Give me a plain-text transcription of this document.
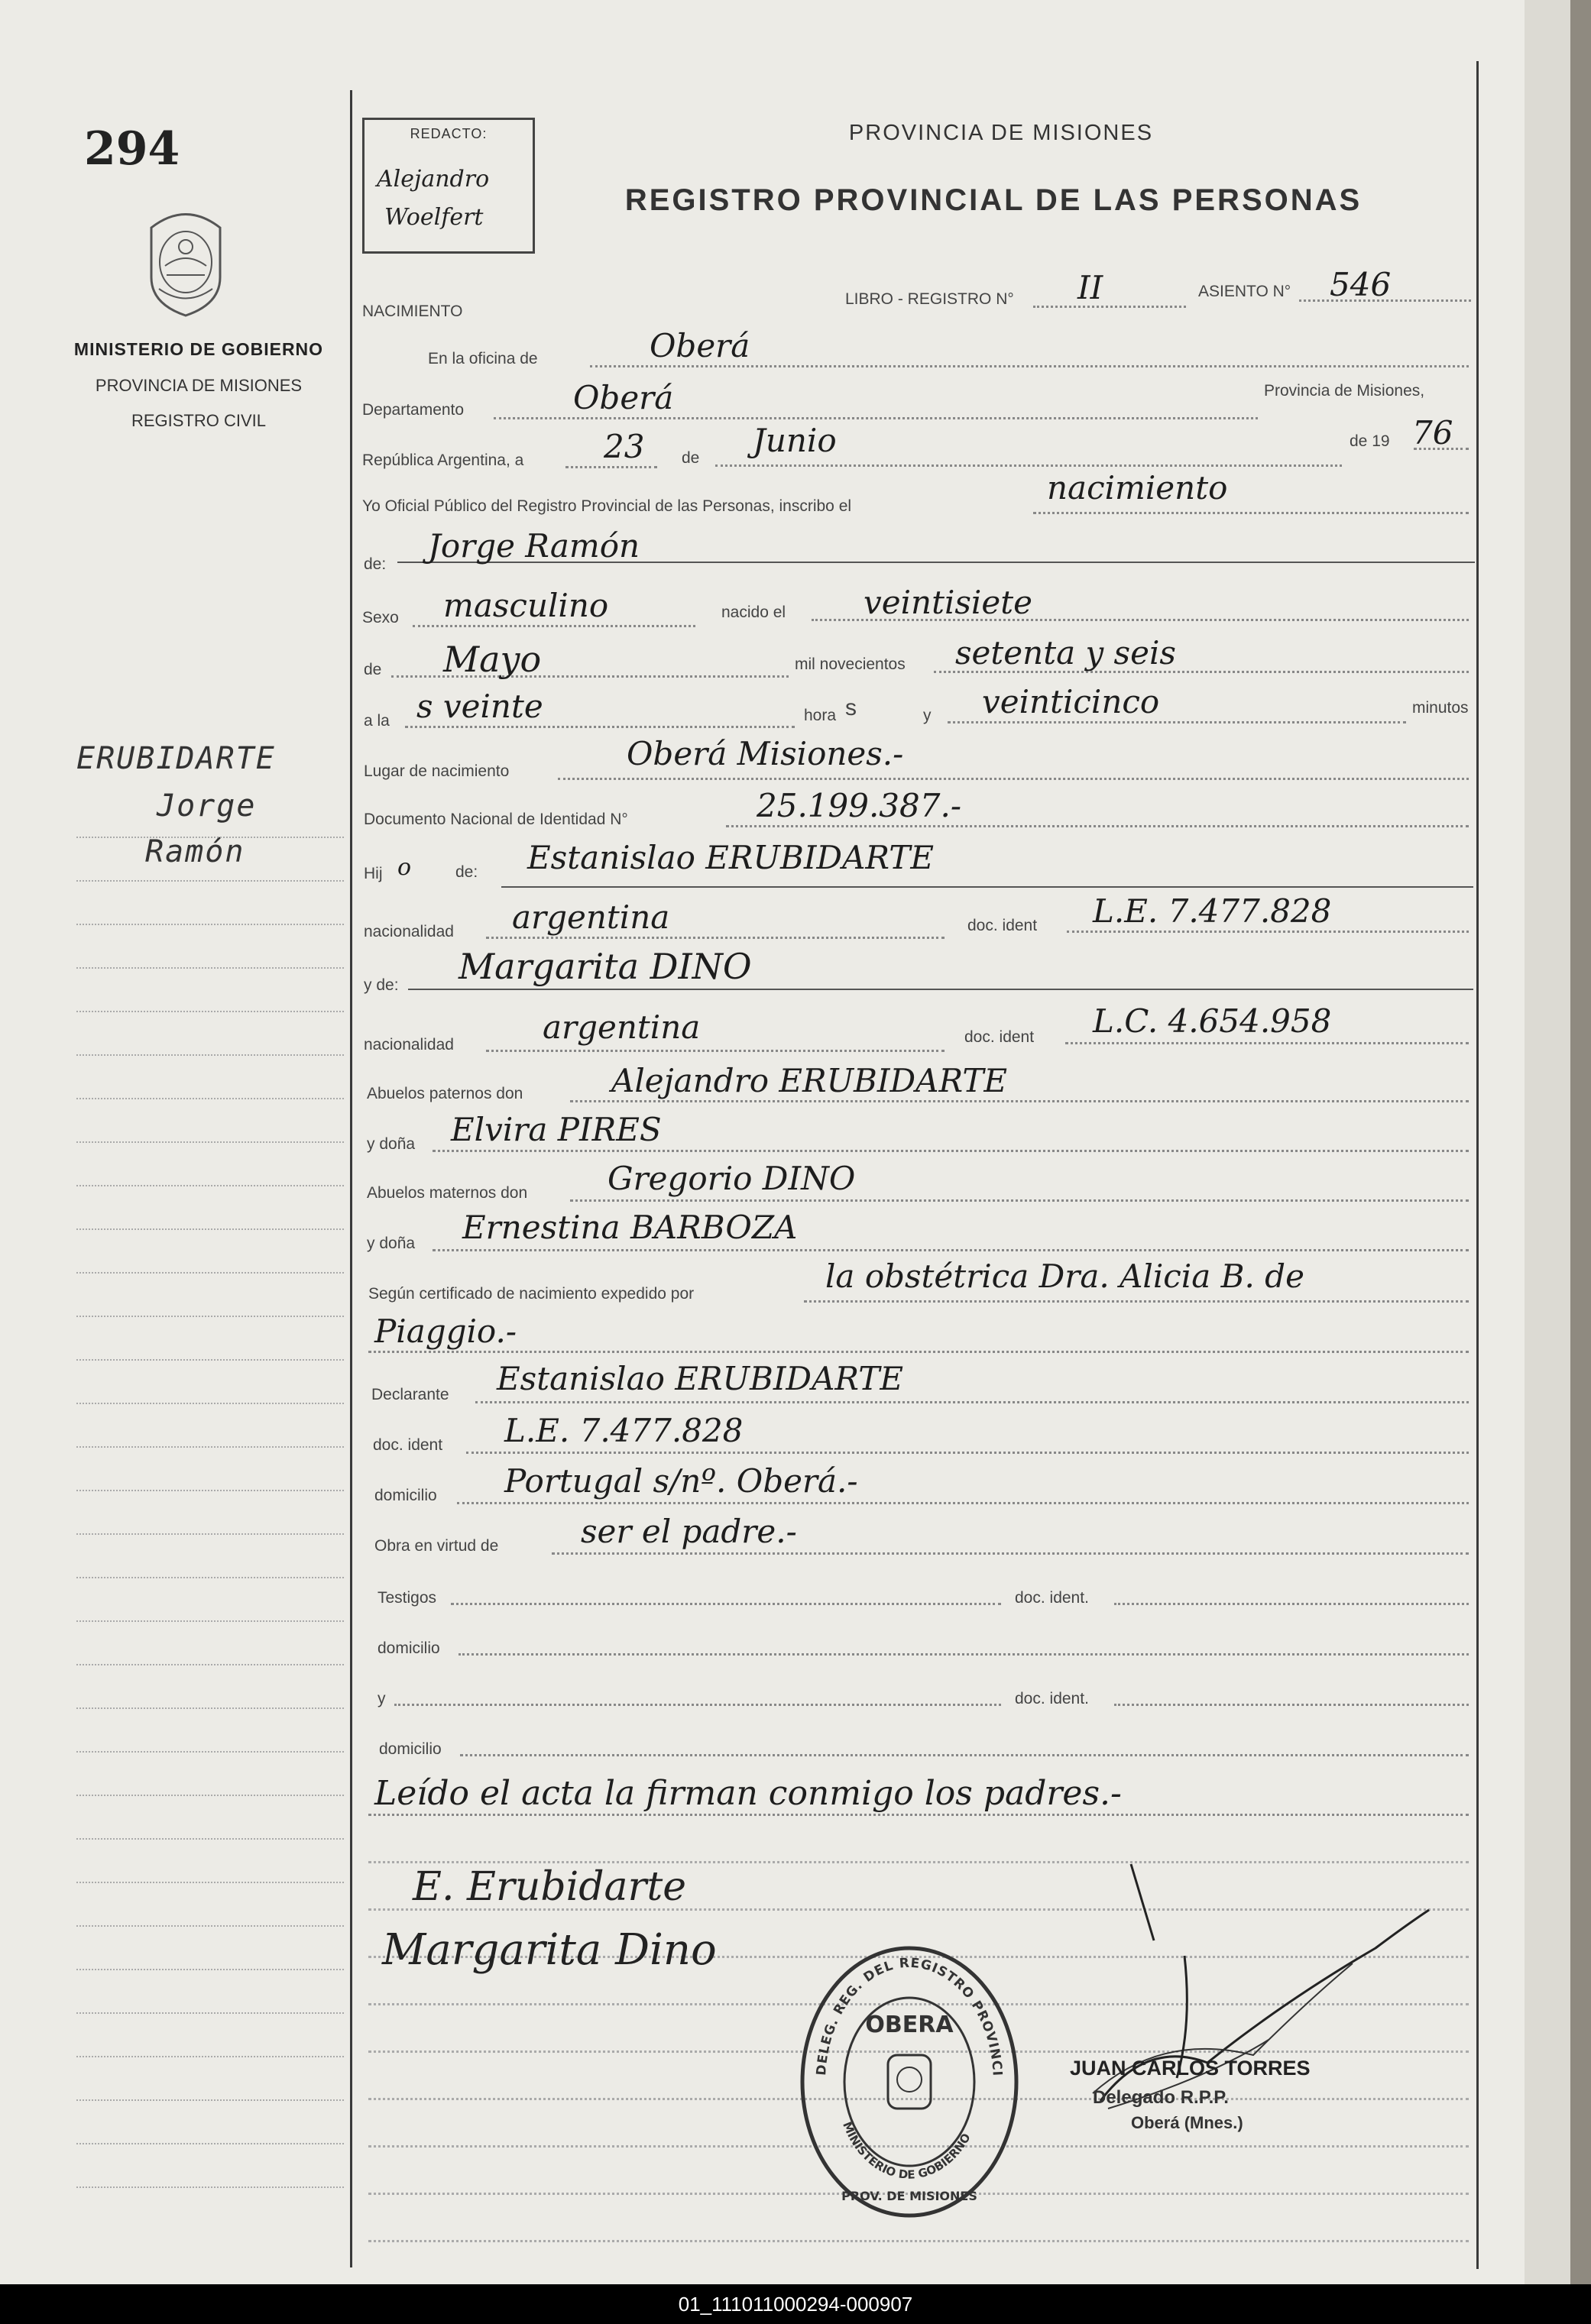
294
MINISTERIO DE GOBIERNO
PROVINCIA DE MISIONES
REGISTRO CIVIL
ERUBIDARTE
Jorge
Ramón
REDACTO:
Alejandro
Woelfert
PROVINCIA DE MISIONES
REGISTRO PROVINCIAL DE LAS PERSONAS
NACIMIENTO
LIBRO - REGISTRO N° II	ASIENTO N° 546
En la oficina de	Oberá
Departamento	Oberá	Provincia de Misiones,
República Argentina, a 23 de Junio	de 19 76
Yo Oficial Público del Registro Provincial de las Personas, inscribo el	nacimiento
de: Jorge Ramón
Sexo masculino	nacido el veintisiete
de Mayo	mil novecientos setenta y seis
a la s veinte	hora s	y veinticinco	minutos
Lugar de nacimiento	Oberá Misiones.-
Documento Nacional de Identidad N°	25.199.387.-
Hij o	de: Estanislao ERUBIDARTE
nacionalidad argentina	doc. ident L.E. 7.477.828
y de: Margarita DINO
nacionalidad	argentina	doc. ident L.C. 4.654.958
Abuelos paternos don	Alejandro ERUBIDARTE
y doña Elvira PIRES
Abuelos maternos don Gregorio DINO
y doña Ernestina BARBOZA
Según certificado de nacimiento expedido por	la obstétrica Dra. Alicia B. de
Piaggio.-
Declarante Estanislao ERUBIDARTE
doc. ident L.E. 7.477.828
domicilio Portugal s/nº. Oberá.-
Obra en virtud de	ser el padre.-
Testigos	doc. ident.
domicilio
y	doc. ident.
domicilio
Leído el acta la firman conmigo los padres.-
E. Erubidarte
Margarita Dino
DELEG. REG. DEL REGISTRO PROVINCI
OBERA
MINISTERIO DE GOBIERNO
PROV. DE MISIONES
JUAN CARLOS TORRES
Delegado R.P.P.
Oberá (Mnes.)
01_111011000294-000907
